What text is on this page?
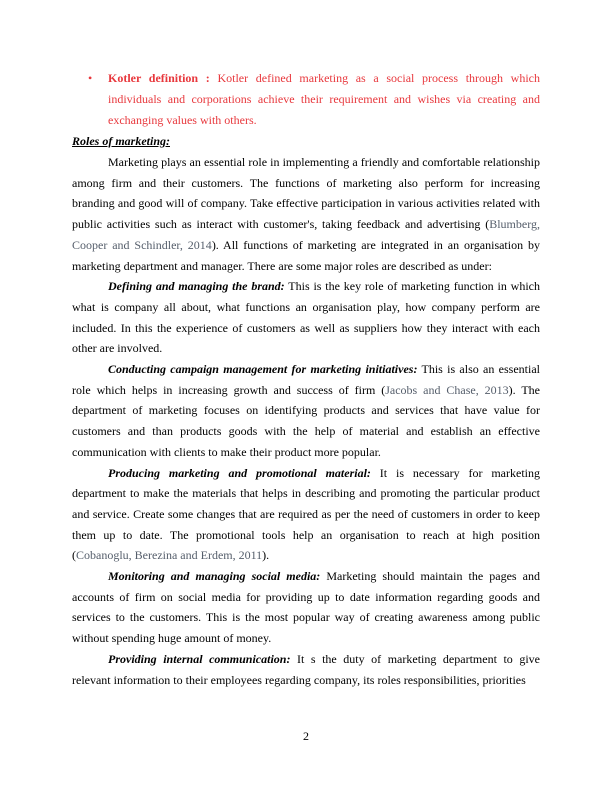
• Kotler definition : Kotler defined marketing as a social process through which individuals and corporations achieve their requirement and wishes via creating and exchanging values with others.
Roles of marketing:

Marketing plays an essential role in implementing a friendly and comfortable relationship among firm and their customers. The functions of marketing also perform for increasing branding and good will of company. Take effective participation in various activities related with public activities such as interact with customer's, taking feedback and advertising (Blumberg, Cooper and Schindler, 2014). All functions of marketing are integrated in an organisation by marketing department and manager. There are some major roles are described as under:

Defining and managing the brand: This is the key role of marketing function in which what is company all about, what functions an organisation play, how company perform are included. In this the experience of customers as well as suppliers how they interact with each other are involved.

Conducting campaign management for marketing initiatives: This is also an essential role which helps in increasing growth and success of firm (Jacobs and Chase, 2013). The department of marketing focuses on identifying products and services that have value for customers and than products goods with the help of material and establish an effective communication with clients to make their product more popular.

Producing marketing and promotional material: It is necessary for marketing department to make the materials that helps in describing and promoting the particular product and service. Create some changes that are required as per the need of customers in order to keep them up to date. The promotional tools help an organisation to reach at high position (Cobanoglu, Berezina and Erdem, 2011).

Monitoring and managing social media: Marketing should maintain the pages and accounts of firm on social media for providing up to date information regarding goods and services to the customers. This is the most popular way of creating awareness among public without spending huge amount of money.

Providing internal communication: It s the duty of marketing department to give relevant information to their employees regarding company, its roles responsibilities, priorities

2
